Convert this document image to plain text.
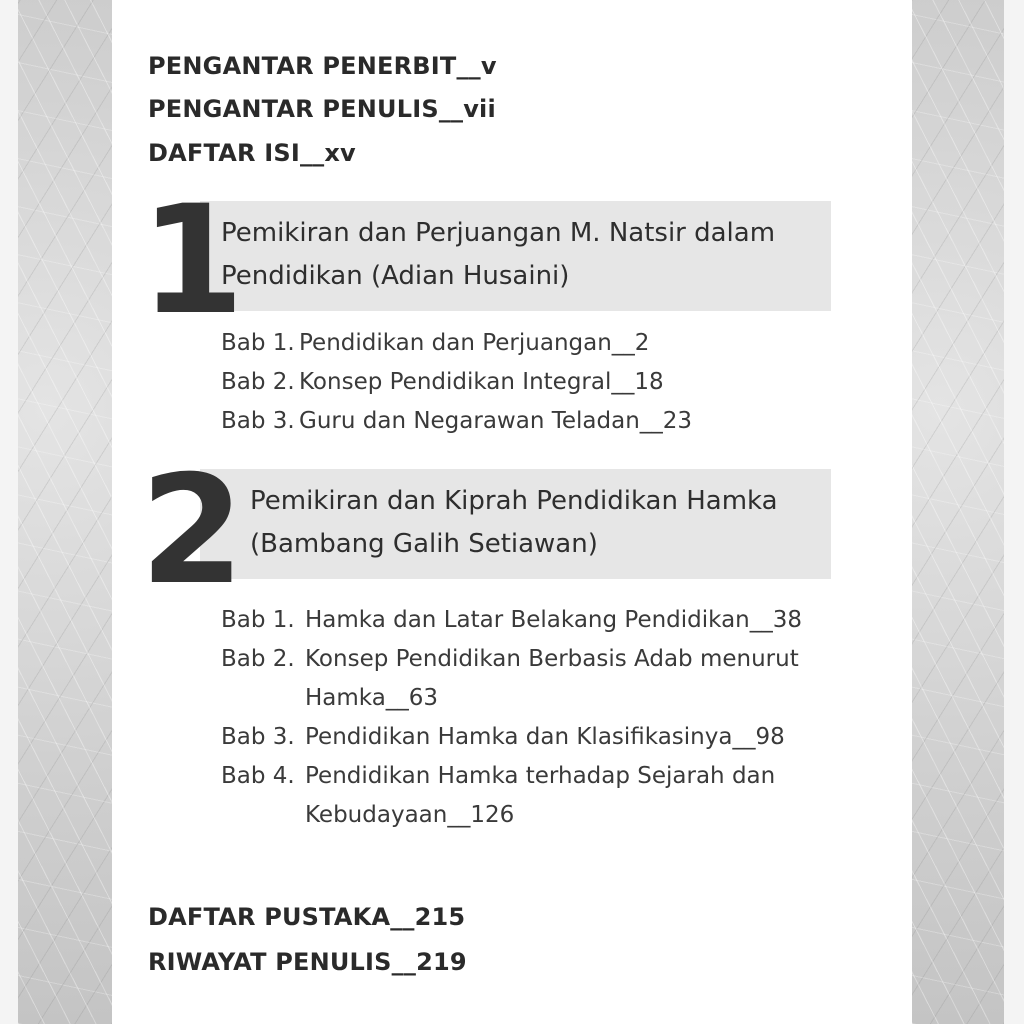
PENGANTAR PENERBIT__v
PENGANTAR PENULIS__vii
DAFTAR ISI__xv
1
Pemikiran dan Perjuangan M. Natsir dalam
Pendidikan (Adian Husaini)
Bab 1. Pendidikan dan Perjuangan__2
Bab 2. Konsep Pendidikan Integral__18
Bab 3. Guru dan Negarawan Teladan__23
2 Pemikiran dan Kiprah Pendidikan Hamka
(Bambang Galih Setiawan)
Bab 1. Hamka dan Latar Belakang Pendidikan__38
Bab 2. Konsep Pendidikan Berbasis Adab menurut
Hamka__63
Bab 3. Pendidikan Hamka dan Klasifikasinya__98
Bab 4. Pendidikan Hamka terhadap Sejarah dan
Kebudayaan__126
DAFTAR PUSTAKA__215
RIWAYAT PENULIS__219
